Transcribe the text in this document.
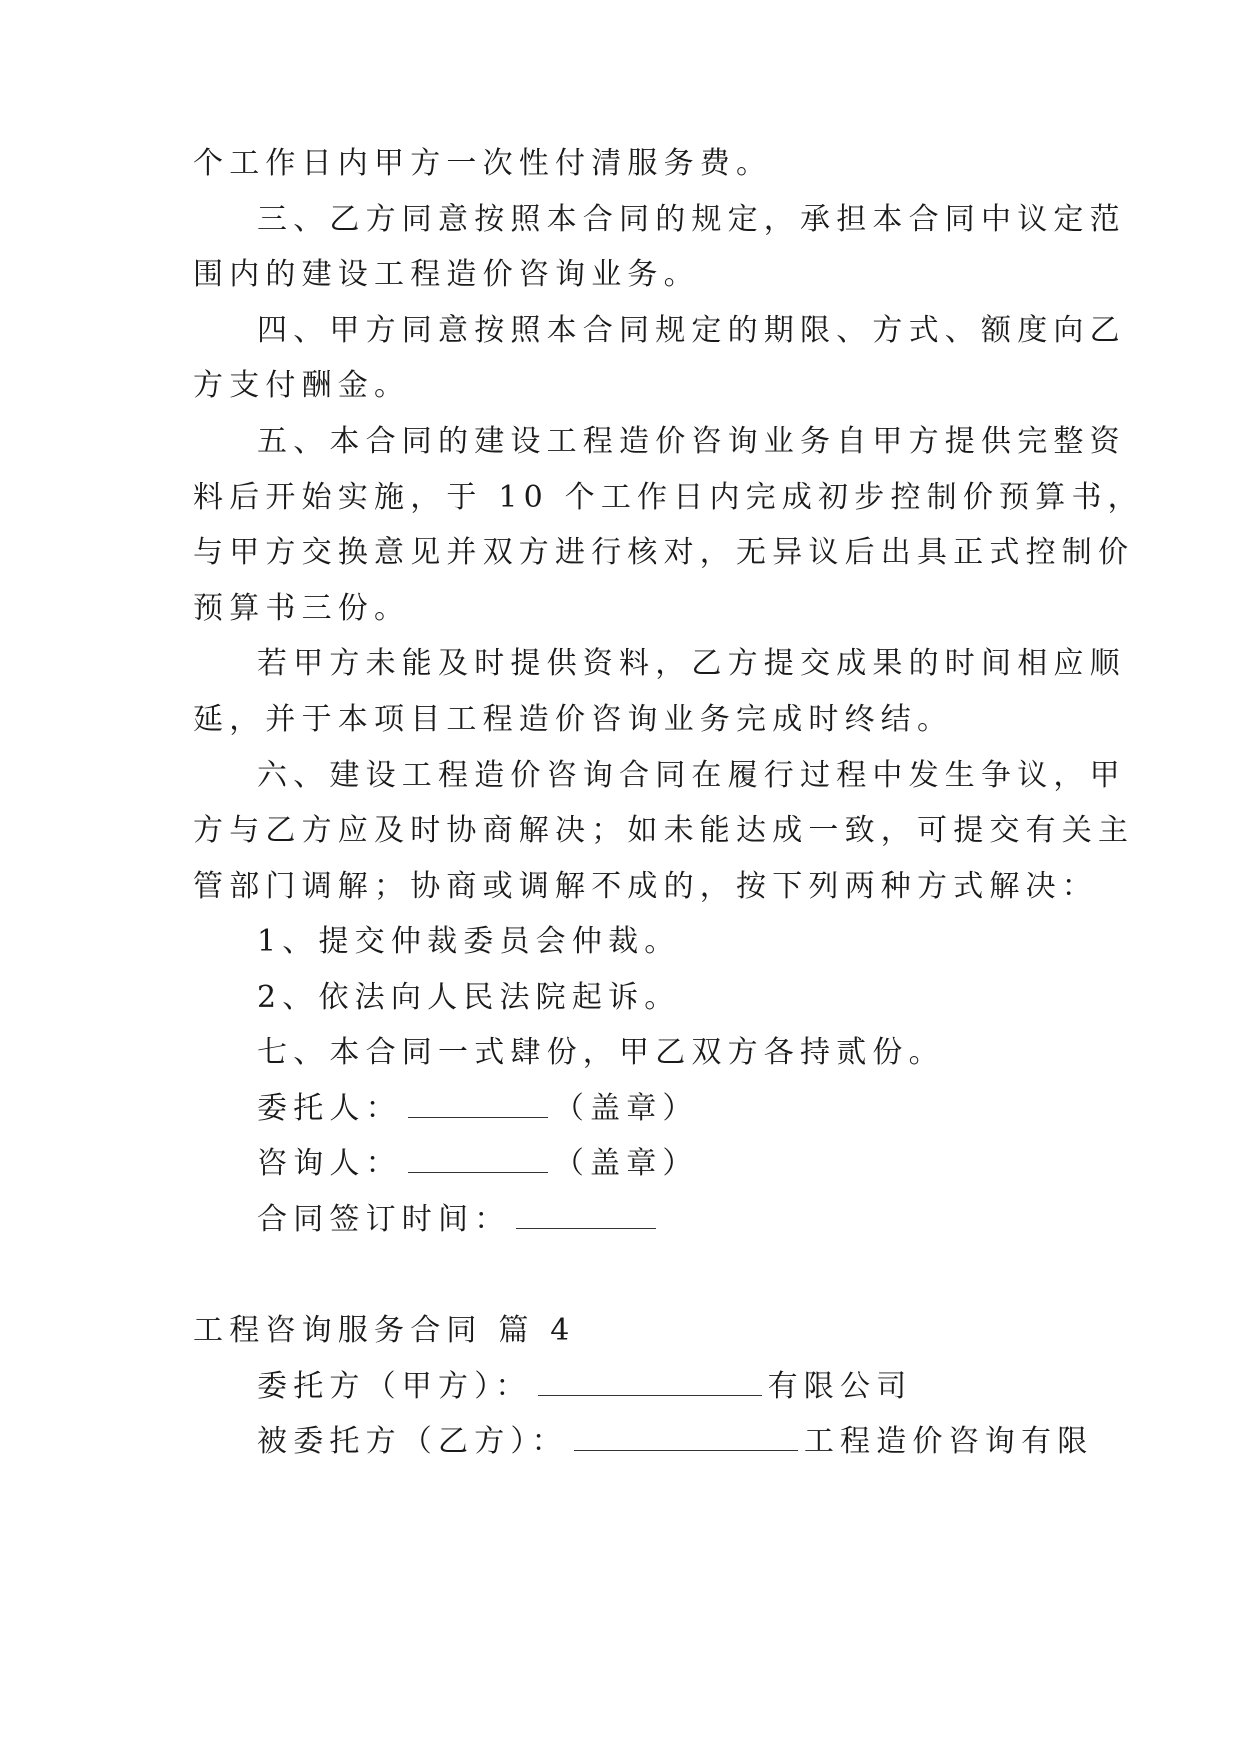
个工作日内甲方一次性付清服务费。
三、乙方同意按照本合同的规定，承担本合同中议定范
围内的建设工程造价咨询业务。
四、甲方同意按照本合同规定的期限、方式、额度向乙
方支付酬金。
五、本合同的建设工程造价咨询业务自甲方提供完整资
料后开始实施，于 10 个工作日内完成初步控制价预算书，
与甲方交换意见并双方进行核对，无异议后出具正式控制价
预算书三份。
若甲方未能及时提供资料，乙方提交成果的时间相应顺
延，并于本项目工程造价咨询业务完成时终结。
六、建设工程造价咨询合同在履行过程中发生争议，甲
方与乙方应及时协商解决；如未能达成一致，可提交有关主
管部门调解；协商或调解不成的，按下列两种方式解决：
1、提交仲裁委员会仲裁。
2、依法向人民法院起诉。
七、本合同一式肆份，甲乙双方各持贰份。
委托人：	（盖章）
咨询人：	（盖章）
合同签订时间：
工程咨询服务合同 篇 4
委托方（甲方）：	有限公司
被委托方（乙方）：	工程造价咨询有限
